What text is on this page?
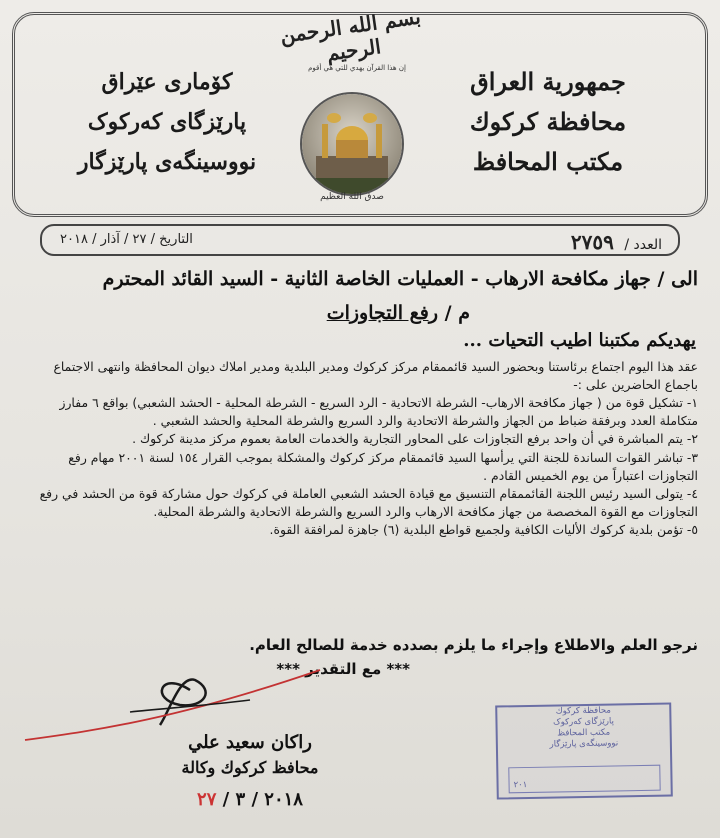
جمهورية العراق
محافظة كركوك
مكتب المحافظ
كۆماری عێراق
پارێزگای کەرکوک
نووسینگەی پارێزگار
بسم الله الرحمن الرحيم
إن هذا القرآن يهدي للتي هي أقوم
صدق الله العظيم
العدد / ٢٧٥٩
التاريخ / ٢٧ / آذار / ٢٠١٨
الى / جهاز مكافحة الارهاب - العمليات الخاصة الثانية - السيد القائد المحترم
م / رفع التجاوزات
يهديكم مكتبنا اطيب التحيات ...

عقد هذا اليوم اجتماع برئاستنا وبحضور السيد قائممقام مركز كركوك ومدير البلدية ومدير املاك ديوان المحافظة وانتهى الاجتماع باجماع الحاضرين على :-

١- تشكيل قوة من ( جهاز مكافحة الارهاب- الشرطة الاتحادية - الرد السريع - الشرطة المحلية - الحشد الشعبي) بواقع ٦ مفارز متكاملة العدد وبرفقة ضباط من الجهاز والشرطة الاتحادية والرد السريع والشرطة المحلية والحشد الشعبي .

٢- يتم المباشرة في أن واحد برفع التجاوزات على المحاور التجارية والخدمات العامة بعموم مركز مدينة كركوك .

٣- تباشر القوات الساندة للجنة التي يرأسها السيد قائممقام مركز كركوك والمشكلة بموجب القرار ١٥٤ لسنة ٢٠٠١ مهام رفع التجاوزات اعتباراً من يوم الخميس القادم .

٤- يتولى السيد رئيس اللجنة القائممقام التنسيق مع قيادة الحشد الشعبي العاملة في كركوك حول مشاركة قوة من الحشد في رفع التجاوزات مع القوة المخصصة من جهاز مكافحة الارهاب والرد السريع والشرطة الاتحادية والشرطة المحلية.

٥- تؤمن بلدية كركوك الأليات الكافية ولجميع قواطع البلدية (٦) جاهزة لمرافقة القوة.

نرجو العلم والاطلاع وإجراء ما يلزم بصدده خدمة للصالح العام.
*** مع التقدير ***
راكان سعيد علي
محافظ كركوك وكالة
٢٠١٨ / ٣ / ٢٧
محافظة كركوك
پارێزگای کەرکوک
مكتب المحافظ
نووسینگەی پارێزگار
٢٠١
